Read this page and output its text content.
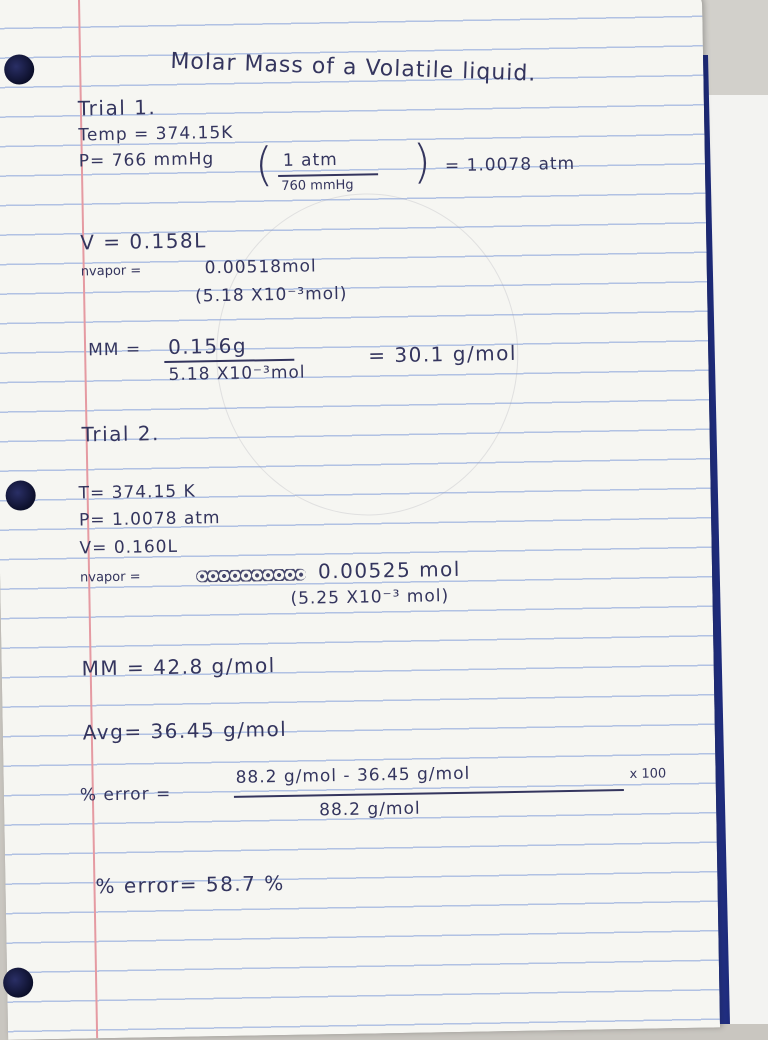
Molar Mass of a Volatile liquid.
Trial 1.
Temp = 374.15K
P= 766 mmHg ( 1 atm
760 mmHg ) = 1.0078 atm
V = 0.158L
nvapor =	0.00518mol
(5.18 X10⁻³mol)
MM = 0.156g
5.18 X10⁻³mol
= 30.1 g/mol
Trial 2.
T= 374.15 K
P= 1.0078 atm
V= 0.160L
nvapor =	0.00525 mol
(5.25 X10⁻³ mol)
MM = 42.8 g/mol
Avg= 36.45 g/mol
% error =
88.2 g/mol - 36.45 g/mol	x 100
88.2 g/mol
% error= 58.7 %
